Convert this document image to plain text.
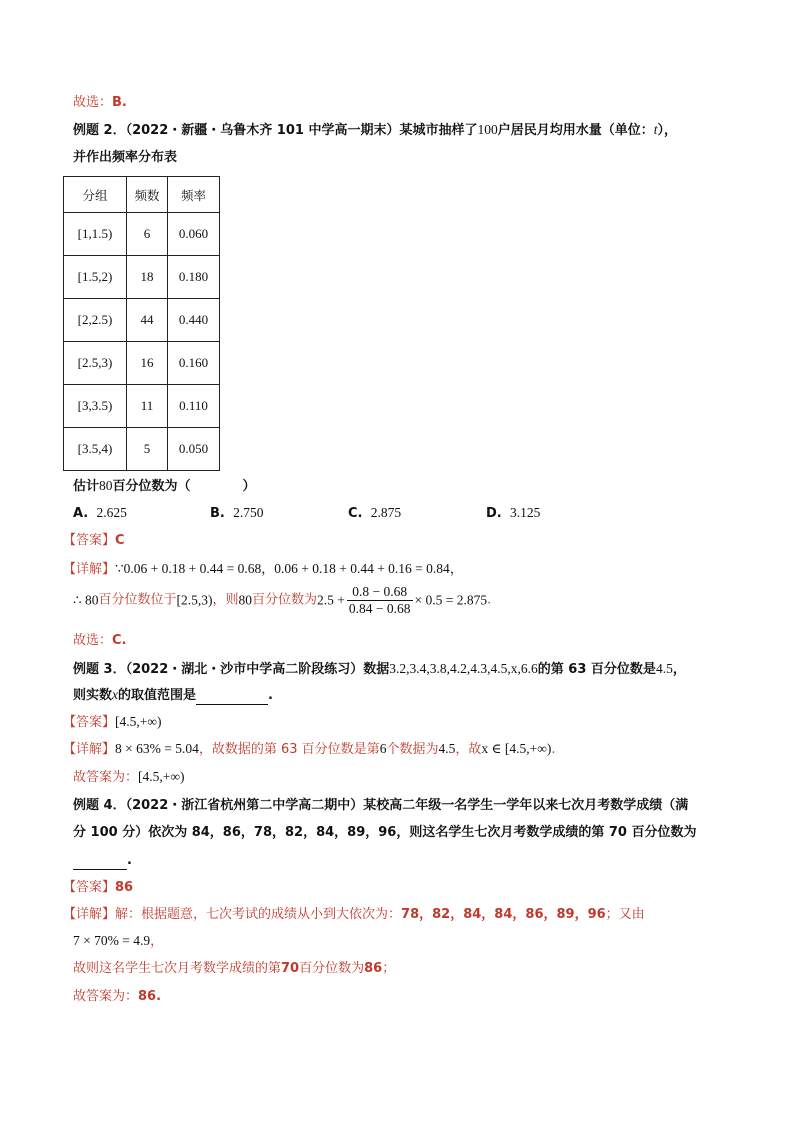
故选：B.
例题 2．（2022・新疆・乌鲁木齐 101 中学高一期末）某城市抽样了100户居民月均用水量（单位：t），
并作出频率分布表
分组	频数	频率
[1,1.5)	6	0.060
[1.5,2)	18	0.180
[2,2.5)	44	0.440
[2.5,3)	16	0.160
[3,3.5)	11	0.110
[3.5,4)	5	0.050
估计80百分位数为（　　　　）
A. 2.625	B. 2.750	C. 2.875	D. 3.125
【答案】C
【详解】∵0.06 + 0.18 + 0.44 = 0.68，0.06 + 0.18 + 0.44 + 0.16 = 0.84，
∴ 80百分位数位于[2.5,3)，则80百分位数为$2.5 + \frac{0.8 - 0.68}{0.84 - 0.68} \times 0.5 = 2.875$.
故选：C.
例题 3．（2022・湖北・沙市中学高二阶段练习）数据3.2,3.4,3.8,4.2,4.3,4.5,x,6.6的第 63 百分位数是4.5，
则实数x的取值范围是	.
【答案】[4.5,+∞)
【详解】8 × 63% = 5.04，故数据的第 63 百分位数是第6个数据为4.5，故x ∈ [4.5,+∞).
故答案为：[4.5,+∞)
例题 4．（2022・浙江省杭州第二中学高二期中）某校高二年级一名学生一学年以来七次月考数学成绩（满
分 100 分）依次为 84，86，78，82，84，89，96，则这名学生七次月考数学成绩的第 70 百分位数为
.
【答案】86
【详解】解：根据题意，七次考试的成绩从小到大依次为：78，82，84，84，86，89，96；又由
7 × 70% = 4.9，
故则这名学生七次月考数学成绩的第70百分位数为86；
故答案为：86.
